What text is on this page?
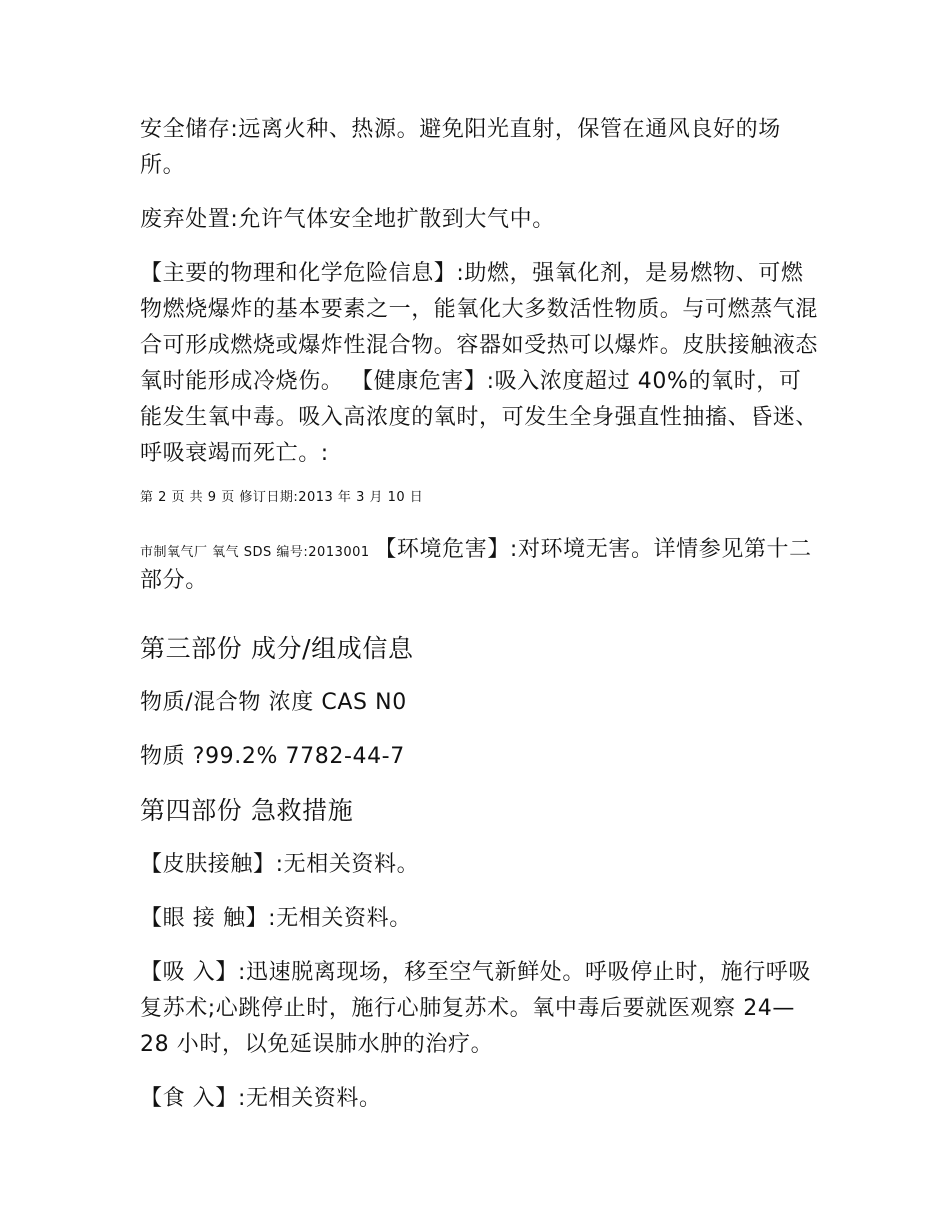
安全储存:远离火种、热源。避免阳光直射，保管在通风良好的场所。

废弃处置:允许气体安全地扩散到大气中。

【主要的物理和化学危险信息】:助燃，强氧化剂，是易燃物、可燃物燃烧爆炸的基本要素之一，能氧化大多数活性物质。与可燃蒸气混合可形成燃烧或爆炸性混合物。容器如受热可以爆炸。皮肤接触液态氧时能形成冷烧伤。 【健康危害】:吸入浓度超过 40%的氧时，可能发生氧中毒。吸入高浓度的氧时，可发生全身强直性抽搐、昏迷、呼吸衰竭而死亡。:

第 2 页 共 9 页 修订日期:2013 年 3 月 10 日
市制氧气厂 氧气 SDS 编号:2013001 【环境危害】:对环境无害。详情参见第十二部分。
第三部份 成分/组成信息

物质/混合物 浓度 CAS N0

物质 ?99.2% 7782-44-7

第四部份 急救措施

【皮肤接触】:无相关资料。

【眼 接 触】:无相关资料。

【吸 入】:迅速脱离现场，移至空气新鲜处。呼吸停止时，施行呼吸复苏术;心跳停止时，施行心肺复苏术。氧中毒后要就医观察 24—28 小时，以免延误肺水肿的治疗。

【食 入】:无相关资料。
